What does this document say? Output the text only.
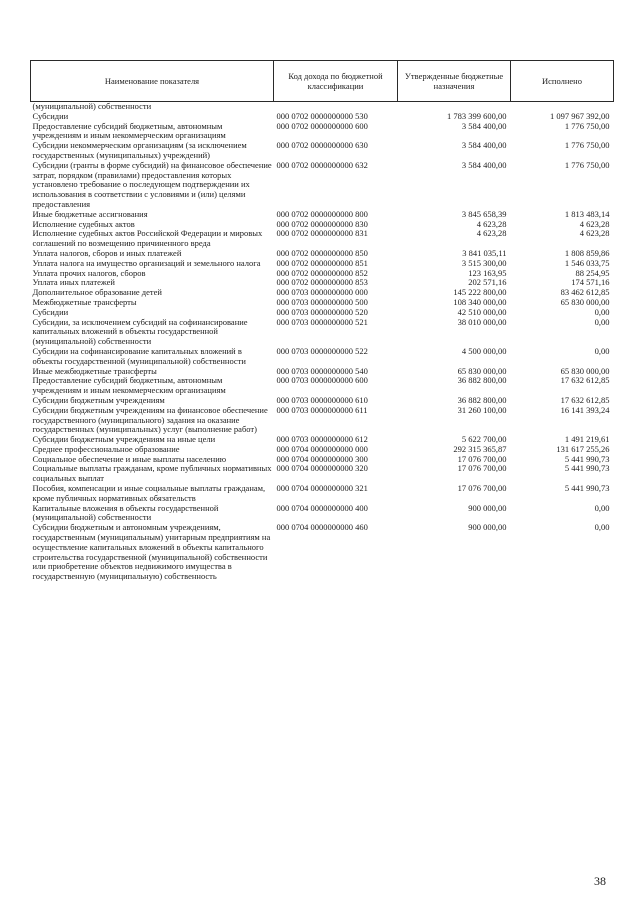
Наименование показателя	Код дохода по бюджетной классификации	Утвержденные бюджетные назначения	Исполнено
(муниципальной) собственности			
Субсидии	000 0702 0000000000 530	1 783 399 600,00	1 097 967 392,00
Предоставление субсидий бюджетным, автономным учреждениям и иным некоммерческим организациям	000 0702 0000000000 600	3 584 400,00	1 776 750,00
Субсидии некоммерческим организациям (за исключением государственных (муниципальных) учреждений)	000 0702 0000000000 630	3 584 400,00	1 776 750,00
Субсидии (гранты в форме субсидий) на финансовое обеспечение затрат, порядком (правилами) предоставления которых установлено требование о последующем подтверждении их использования в соответствии с условиями и (или) целями предоставления	000 0702 0000000000 632	3 584 400,00	1 776 750,00
Иные бюджетные ассигнования	000 0702 0000000000 800	3 845 658,39	1 813 483,14
Исполнение судебных актов	000 0702 0000000000 830	4 623,28	4 623,28
Исполнение судебных актов Российской Федерации и мировых соглашений по возмещению причиненного вреда	000 0702 0000000000 831	4 623,28	4 623,28
Уплата налогов, сборов и иных платежей	000 0702 0000000000 850	3 841 035,11	1 808 859,86
Уплата налога на имущество организаций и земельного налога	000 0702 0000000000 851	3 515 300,00	1 546 033,75
Уплата прочих налогов, сборов	000 0702 0000000000 852	123 163,95	88 254,95
Уплата иных платежей	000 0702 0000000000 853	202 571,16	174 571,16
Дополнительное образование детей	000 0703 0000000000 000	145 222 800,00	83 462 612,85
Межбюджетные трансферты	000 0703 0000000000 500	108 340 000,00	65 830 000,00
Субсидии	000 0703 0000000000 520	42 510 000,00	0,00
Субсидии, за исключением субсидий на софинансирование капитальных вложений в объекты государственной (муниципальной) собственности	000 0703 0000000000 521	38 010 000,00	0,00
Субсидии на софинансирование капитальных вложений в объекты государственной (муниципальной) собственности	000 0703 0000000000 522	4 500 000,00	0,00
Иные межбюджетные трансферты	000 0703 0000000000 540	65 830 000,00	65 830 000,00
Предоставление субсидий бюджетным, автономным учреждениям и иным некоммерческим организациям	000 0703 0000000000 600	36 882 800,00	17 632 612,85
Субсидии бюджетным учреждениям	000 0703 0000000000 610	36 882 800,00	17 632 612,85
Субсидии бюджетным учреждениям на финансовое обеспечение государственного (муниципального) задания на оказание государственных (муниципальных) услуг (выполнение работ)	000 0703 0000000000 611	31 260 100,00	16 141 393,24
Субсидии бюджетным учреждениям на иные цели	000 0703 0000000000 612	5 622 700,00	1 491 219,61
Среднее профессиональное образование	000 0704 0000000000 000	292 315 365,87	131 617 255,26
Социальное обеспечение и иные выплаты населению	000 0704 0000000000 300	17 076 700,00	5 441 990,73
Социальные выплаты гражданам, кроме публичных нормативных социальных выплат	000 0704 0000000000 320	17 076 700,00	5 441 990,73
Пособия, компенсации и иные социальные выплаты гражданам, кроме публичных нормативных обязательств	000 0704 0000000000 321	17 076 700,00	5 441 990,73
Капитальные вложения в объекты государственной (муниципальной) собственности	000 0704 0000000000 400	900 000,00	0,00
Субсидии бюджетным и автономным учреждениям, государственным (муниципальным) унитарным предприятиям на осуществление капитальных вложений в объекты капитального строительства государственной (муниципальной) собственности или приобретение объектов недвижимого имущества в государственную (муниципальную) собственность	000 0704 0000000000 460	900 000,00	0,00
38
